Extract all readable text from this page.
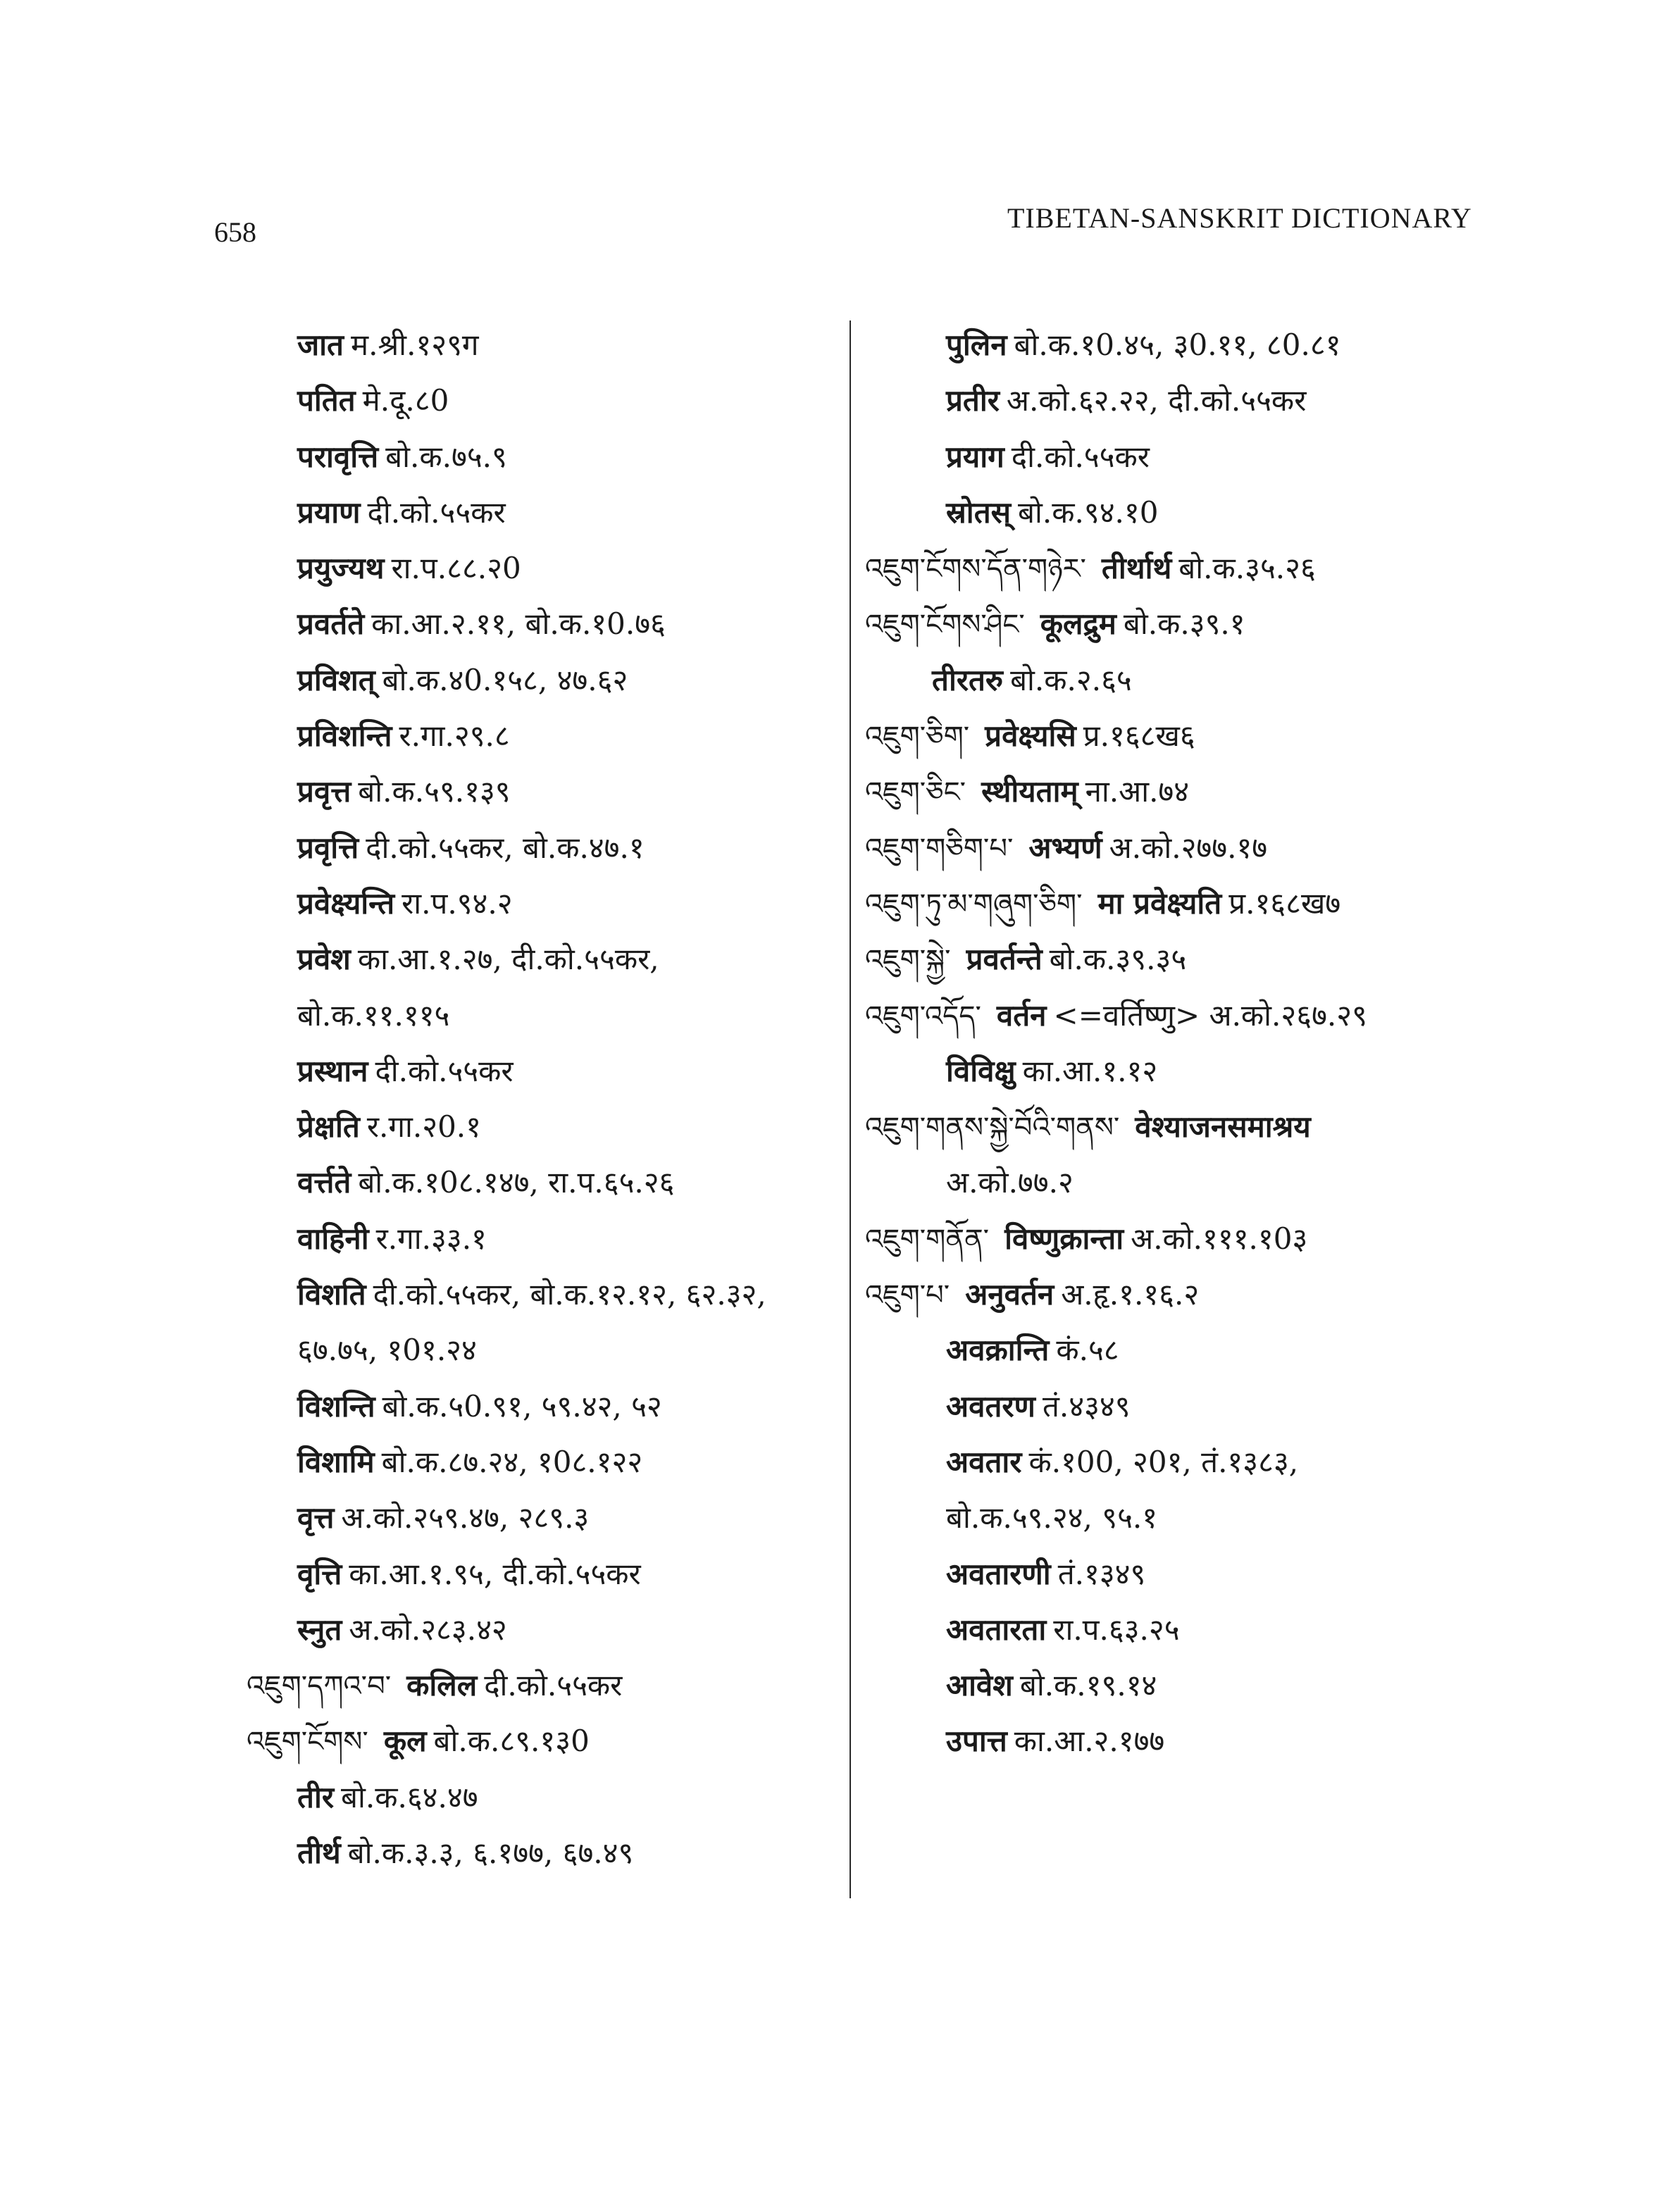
658	TIBETAN-SANSKRIT DICTIONARY
जात म.श्री.१२९ग
पतित मे.दू.८0
परावृत्ति बो.क.७५.९
प्रयाण दी.को.५५कर
प्रयुज्यथ रा.प.८८.२0
प्रवर्तते का.आ.२.११, बो.क.१0.७६
प्रविशत् बो.क.४0.१५८, ४७.६२
प्रविशन्ति र.गा.२९.८
प्रवृत्त बो.क.५९.१३९
प्रवृत्ति दी.को.५५कर, बो.क.४७.१
प्रवेक्ष्यन्ति रा.प.९४.२
प्रवेश का.आ.१.२७, दी.को.५५कर,
बो.क.११.११५
प्रस्थान दी.को.५५कर
प्रेक्षति र.गा.२0.१
वर्त्तते बो.क.१0८.१४७, रा.प.६५.२६
वाहिनी र.गा.३३.१
विशति दी.को.५५कर, बो.क.१२.१२, ६२.३२,
६७.७५, १0१.२४
विशन्ति बो.क.५0.९१, ५९.४२, ५२
विशामि बो.क.८७.२४, १0८.१२२
वृत्त अ.को.२५९.४७, २८९.३
वृत्ति का.आ.१.९५, दी.को.५५कर
स्नुत अ.को.२८३.४२
འཇུག་དཀའ་བ་ कलिल दी.को.५५कर
འཇུག་ངོགས་ कूल बो.क.८९.१३0
तीर बो.क.६४.४७
तीर्थ बो.क.३.३, ६.१७७, ६७.४९
पुलिन बो.क.१0.४५, ३0.११, ८0.८१
प्रतीर अ.को.६२.२२, दी.को.५५कर
प्रयाग दी.को.५५कर
स्रोतस् बो.क.९४.१0
འཇུག་ངོགས་དོན་གཉེར་ तीर्थार्थ बो.क.३५.२६
འཇུག་ངོགས་ཤིང་ कूलद्रुम बो.क.३९.१
तीरतरु बो.क.२.६५
འཇུག་ཅིག་ प्रवेक्ष्यसि प्र.१६८ख६
འཇུག་ཅིང་ स्थीयताम् ना.आ.७४
འཇུག་གཅིག་པ་ अभ्यर्ण अ.को.२७७.१७
འཇུག་ཏུ་མ་གཞུག་ཅིག་ मा प्रवेक्ष्यति प्र.१६८ख७
འཇུག་སྐྱེ་ प्रवर्तन्ते बो.क.३९.३५
འཇུག་འདོད་ वर्तन <=वर्तिष्णु> अ.को.२६७.२९
विविक्षु का.आ.१.१२
འཇུག་གནས་སྐྱེ་བོའི་གནས་ वेश्याजनसमाश्रय
अ.को.७७.२
འཇུག་གནོན་ विष्णुक्रान्ता अ.को.१११.१0३
འཇུག་པ་ अनुवर्तन अ.हृ.१.१६.२
अवक्रान्ति कं.५८
अवतरण तं.४३४९
अवतार कं.१00, २0१, तं.१३८३,
बो.क.५९.२४, ९५.१
अवतारणी तं.१३४९
अवतारता रा.प.६३.२५
आवेश बो.क.१९.१४
उपात्त का.आ.२.१७७
